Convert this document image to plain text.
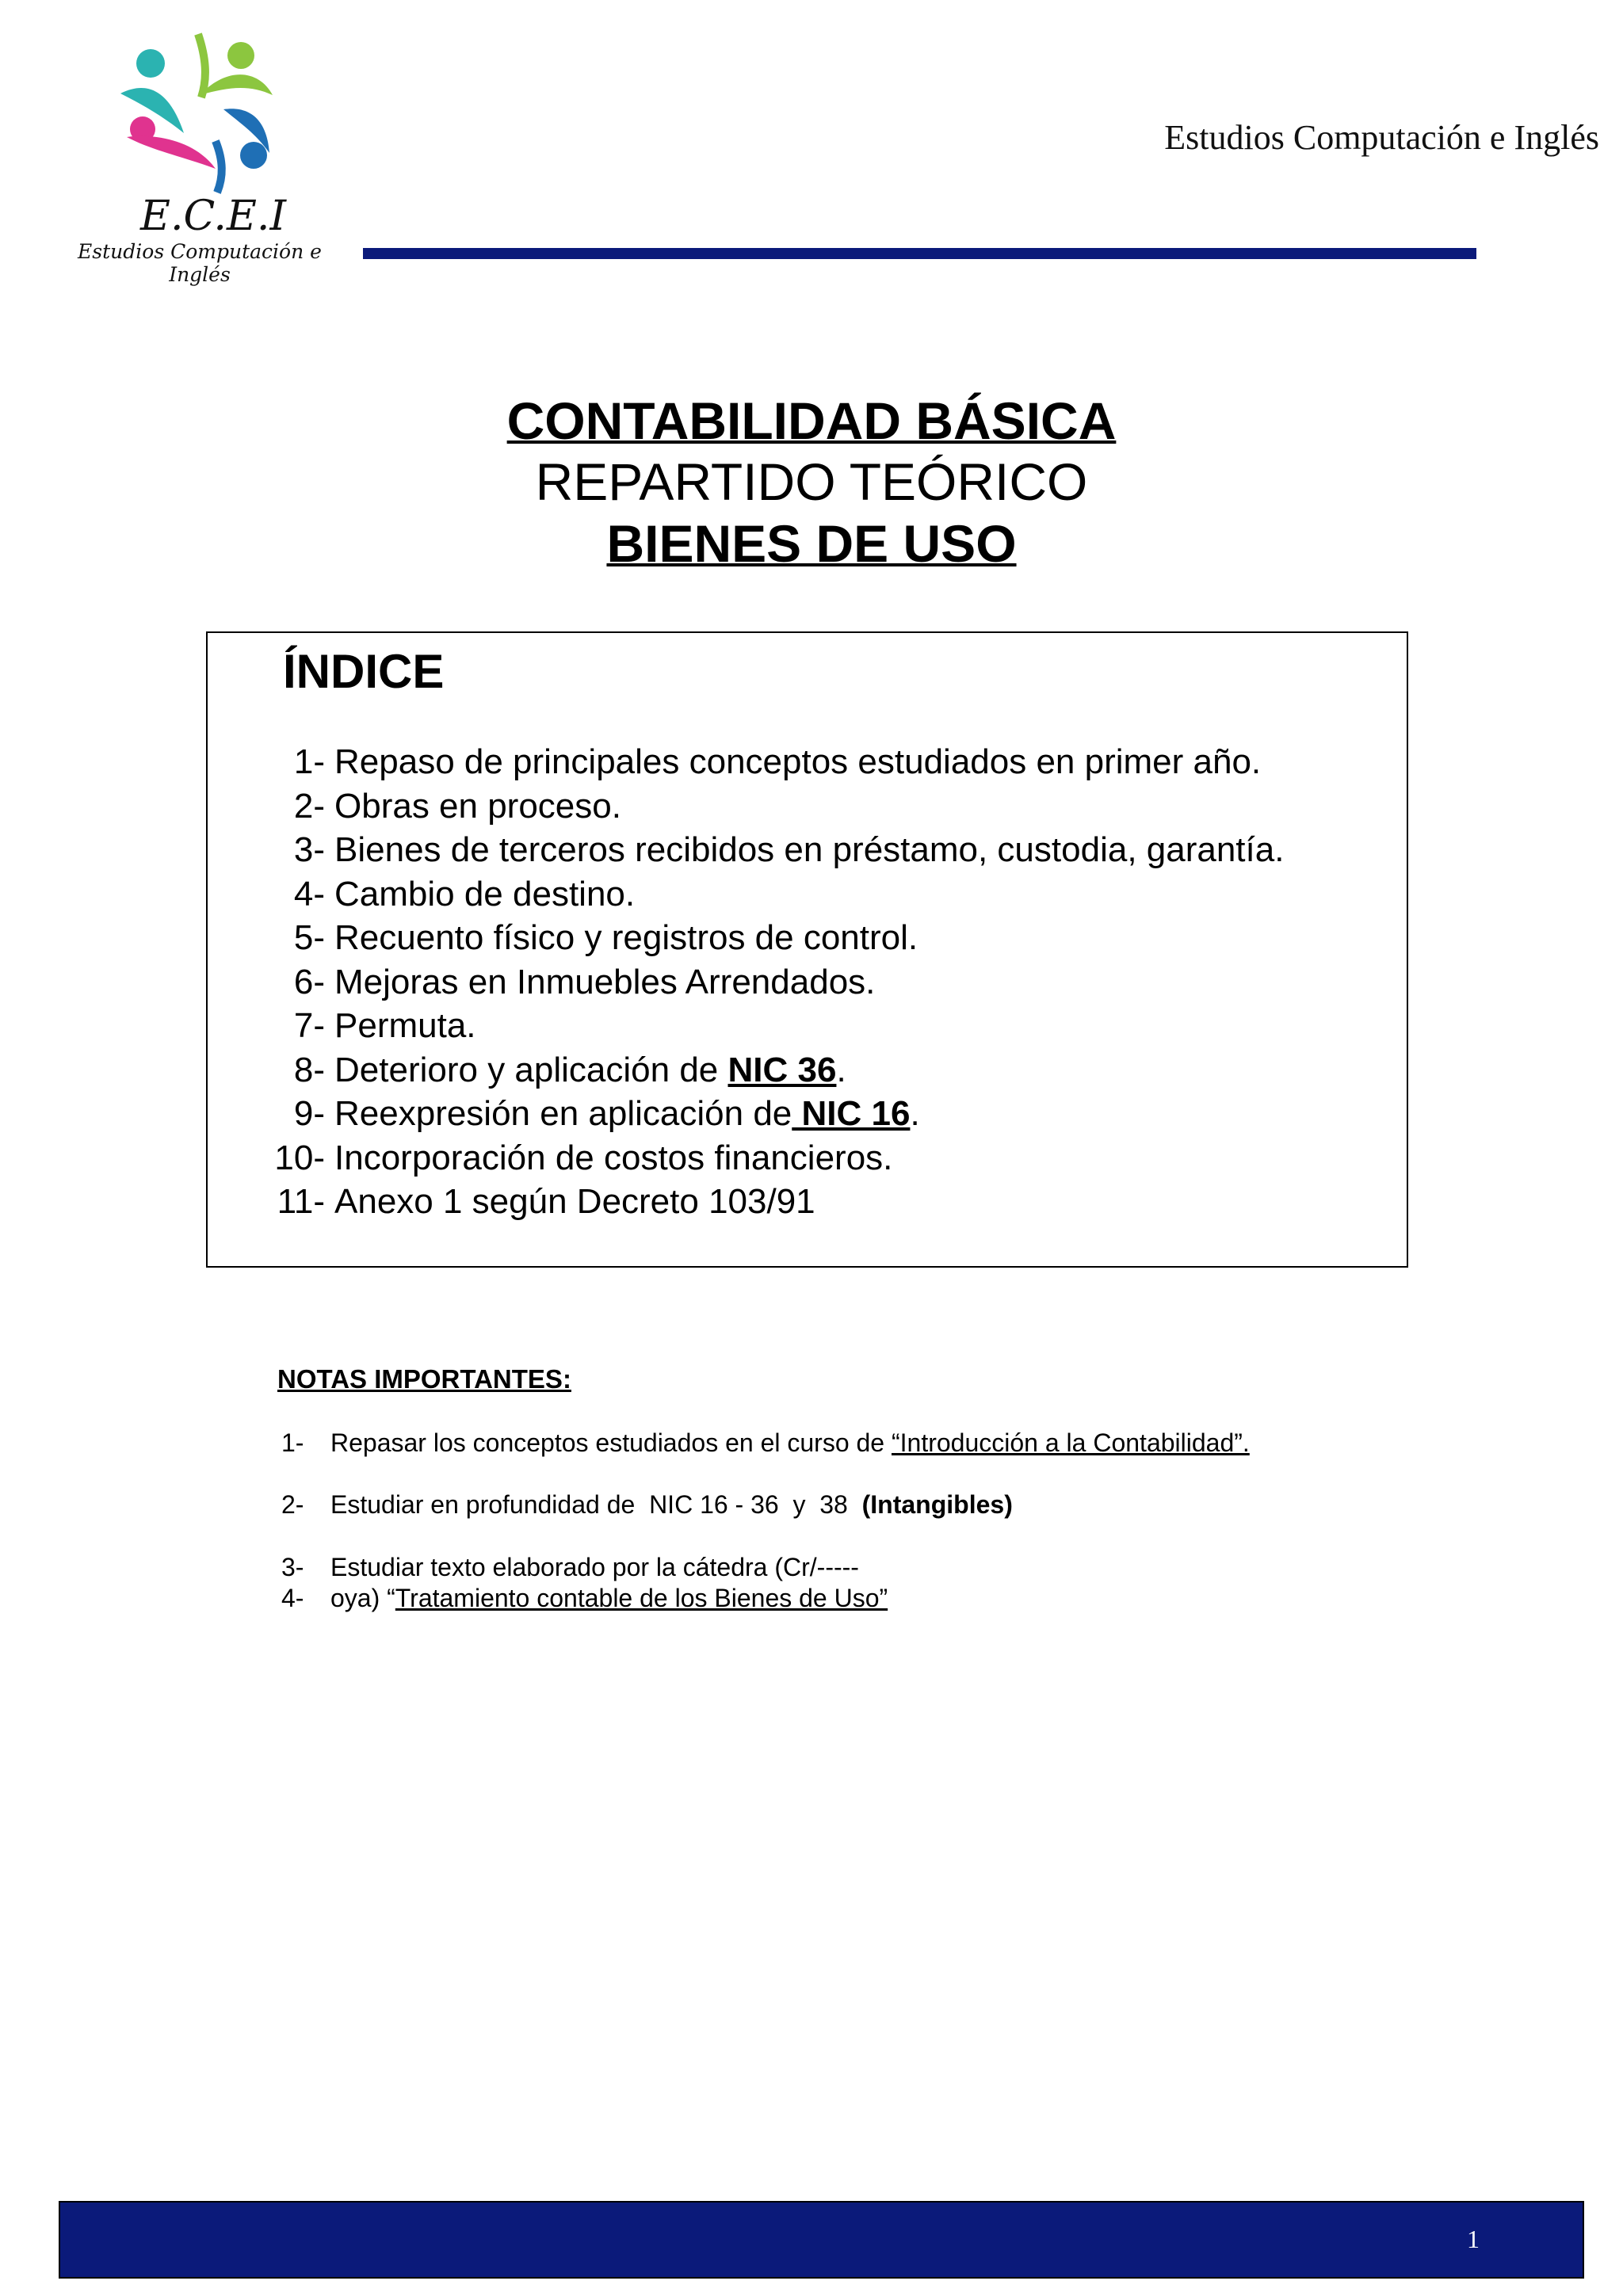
E.C.E.I
Estudios Computación e Inglés
Estudios Computación e Inglés
CONTABILIDAD BÁSICA
REPARTIDO TEÓRICO
BIENES DE USO
ÍNDICE
1- Repaso de principales conceptos estudiados en primer año.
2- Obras en proceso.
3- Bienes de terceros recibidos en préstamo, custodia, garantía.
4- Cambio de destino.
5- Recuento físico y registros de control.
6- Mejoras en Inmuebles Arrendados.
7- Permuta.
8- Deterioro y aplicación de NIC 36.
9- Reexpresión en aplicación de NIC 16.
10- Incorporación de costos financieros.
11- Anexo 1 según Decreto 103/91
NOTAS IMPORTANTES:
1- Repasar los conceptos estudiados en el curso de “Introducción a la Contabilidad”.
2- Estudiar en profundidad de  NIC 16 - 36  y  38  (Intangibles)
3- Estudiar texto elaborado por la cátedra (Cr/-----
4- oya) “Tratamiento contable de los Bienes de Uso”
1
